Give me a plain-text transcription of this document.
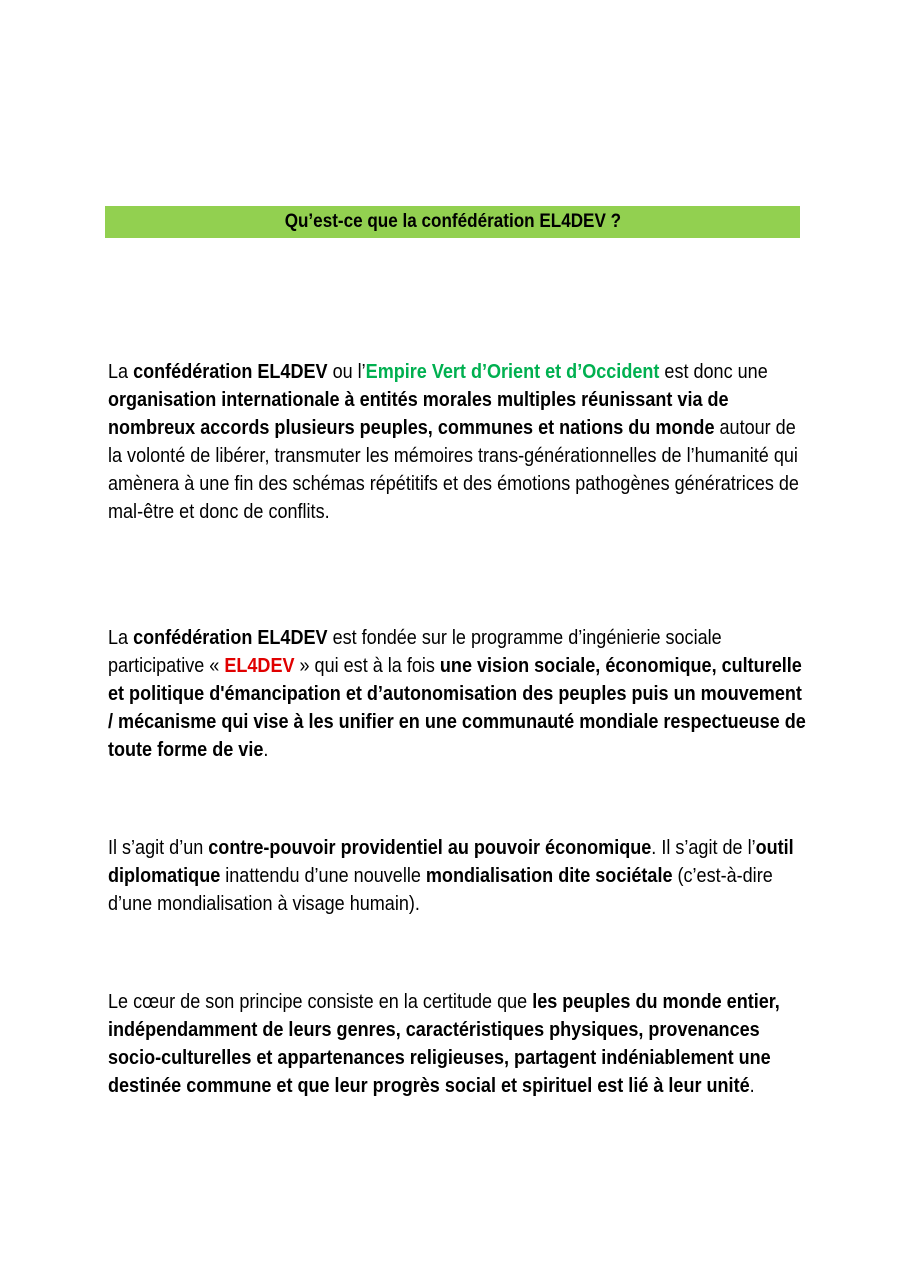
Qu’est-ce que la confédération EL4DEV ?
La confédération EL4DEV ou l’Empire Vert d’Orient et d’Occident est donc une organisation internationale à entités morales multiples réunissant via de nombreux accords plusieurs peuples, communes et nations du monde autour de la volonté de libérer, transmuter les mémoires trans-générationnelles de l’humanité qui amènera à une fin des schémas répétitifs et des émotions pathogènes génératrices de mal-être et donc de conflits.
La confédération EL4DEV est fondée sur le programme d’ingénierie sociale participative « EL4DEV » qui est à la fois une vision sociale, économique, culturelle et politique d'émancipation et d’autonomisation des peuples puis un mouvement / mécanisme qui vise à les unifier en une communauté mondiale respectueuse de toute forme de vie.
Il s’agit d’un contre-pouvoir providentiel au pouvoir économique. Il s’agit de l’outil diplomatique inattendu d’une nouvelle mondialisation dite sociétale (c’est-à-dire d’une mondialisation à visage humain).
Le cœur de son principe consiste en la certitude que les peuples du monde entier, indépendamment de leurs genres, caractéristiques physiques, provenances socio-culturelles et appartenances religieuses, partagent indéniablement une destinée commune et que leur progrès social et spirituel est lié à leur unité.
